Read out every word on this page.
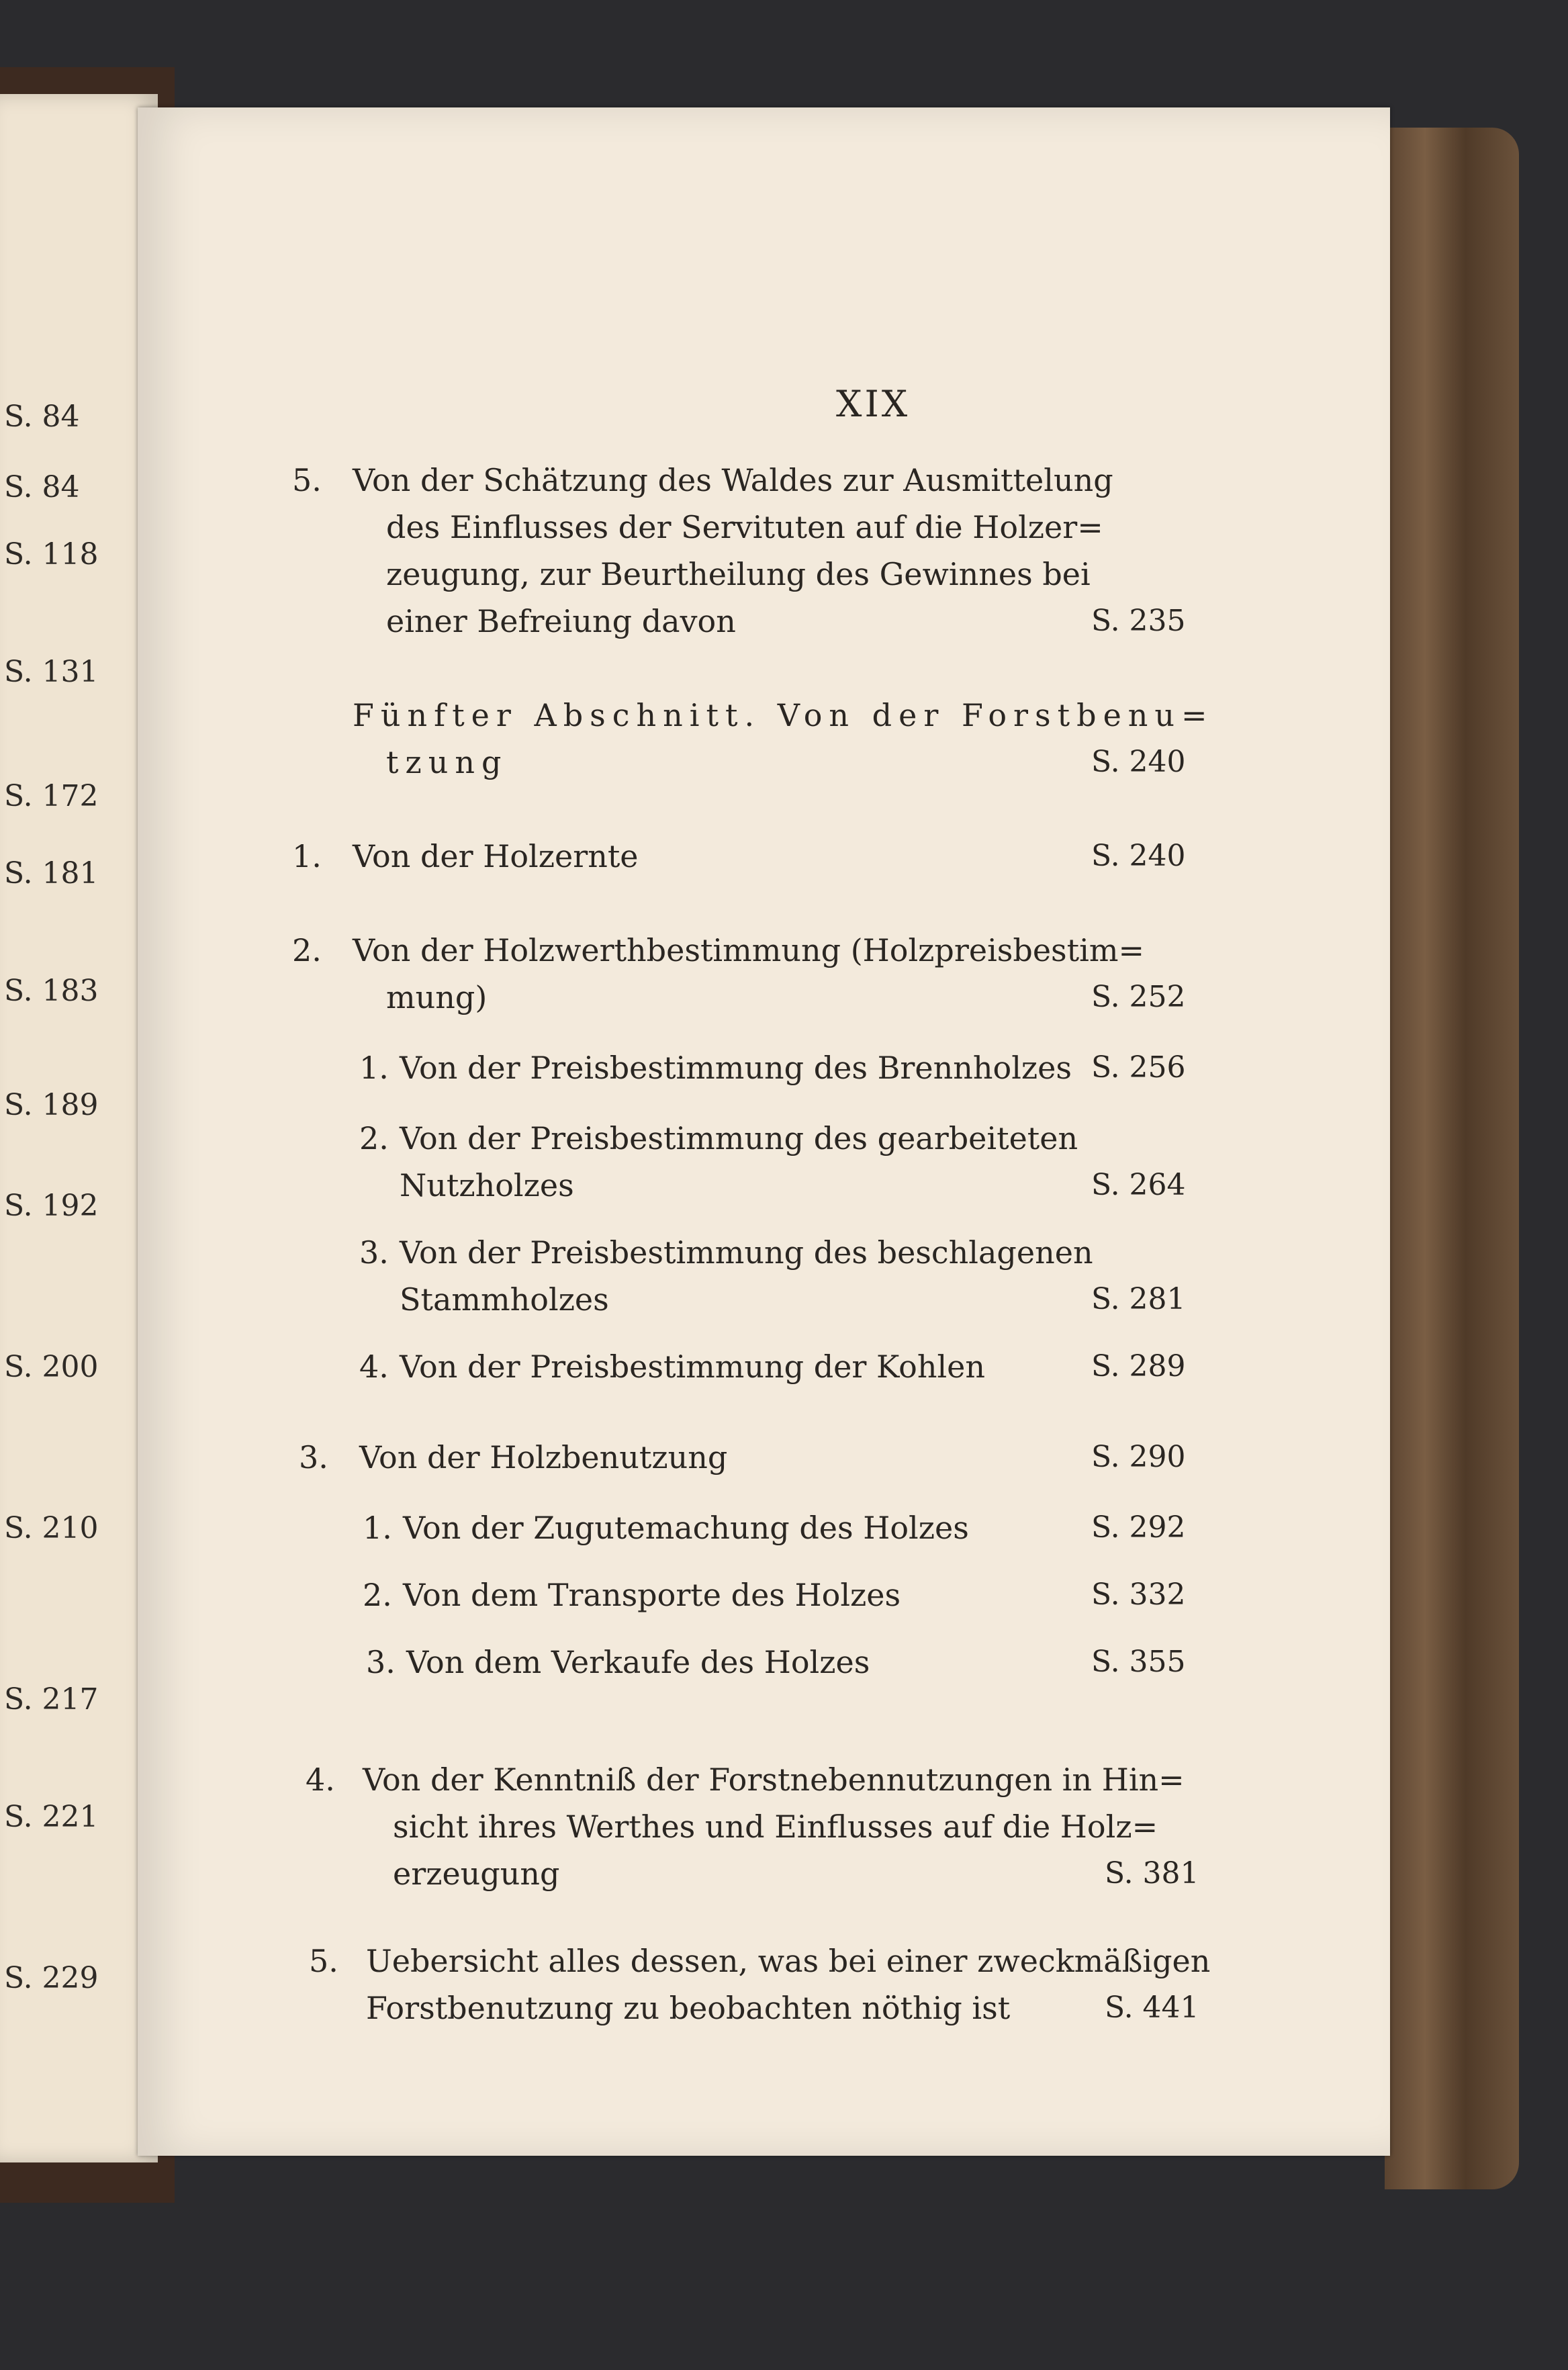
S. 84
S. 84
S. 118
S. 131
S. 172
S. 181
S. 183
S. 189
S. 192
S. 200
S. 210
S. 217
S. 221
S. 229
XIX
5. Von der Schätzung des Waldes zur Ausmittelung
des Einflusses der Servituten auf die Holzer=
zeugung, zur Beurtheilung des Gewinnes bei
einer Befreiung davon	S. 235
Fünfter Abschnitt. Von der Forstbenu=
tzung	S. 240
1. Von der Holzernte	S. 240
2. Von der Holzwerthbestimmung (Holzpreisbestim=
mung)	S. 252
1. Von der Preisbestimmung des Brennholzes S. 256
2. Von der Preisbestimmung des gearbeiteten
Nutzholzes	S. 264
3. Von der Preisbestimmung des beschlagenen
Stammholzes	S. 281
4. Von der Preisbestimmung der Kohlen	S. 289
3. Von der Holzbenutzung	S. 290
1. Von der Zugutemachung des Holzes	S. 292
2. Von dem Transporte des Holzes	S. 332
3. Von dem Verkaufe des Holzes	S. 355
4. Von der Kenntniß der Forstnebennutzungen in Hin=
sicht ihres Werthes und Einflusses auf die Holz=
erzeugung	S. 381
5. Uebersicht alles dessen, was bei einer zweckmäßigen
Forstbenutzung zu beobachten nöthig ist	S. 441
